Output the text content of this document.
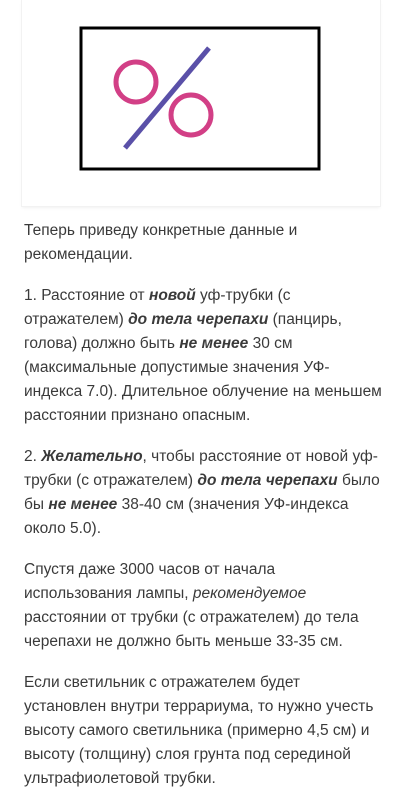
Теперь приведу конкретные данные и рекомендации.

1. Расстояние от новой уф-трубки (с отражателем) до тела черепахи (панцирь, голова) должно быть не менее 30 см (максимальные допустимые значения УФ-индекса 7.0). Длительное облучение на меньшем расстоянии признано опасным.

2. Желательно, чтобы расстояние от новой уф-трубки (с отражателем) до тела черепахи было бы не менее 38-40 см (значения УФ-индекса около 5.0).

Спустя даже 3000 часов от начала использования лампы, рекомендуемое расстоянии от трубки (с отражателем) до тела черепахи не должно быть меньше 33-35 см.

Если светильник с отражателем будет установлен внутри террариума, то нужно учесть высоту самого светильника (примерно 4,5 см) и высоту (толщину) слоя грунта под серединой ультрафиолетовой трубки.
